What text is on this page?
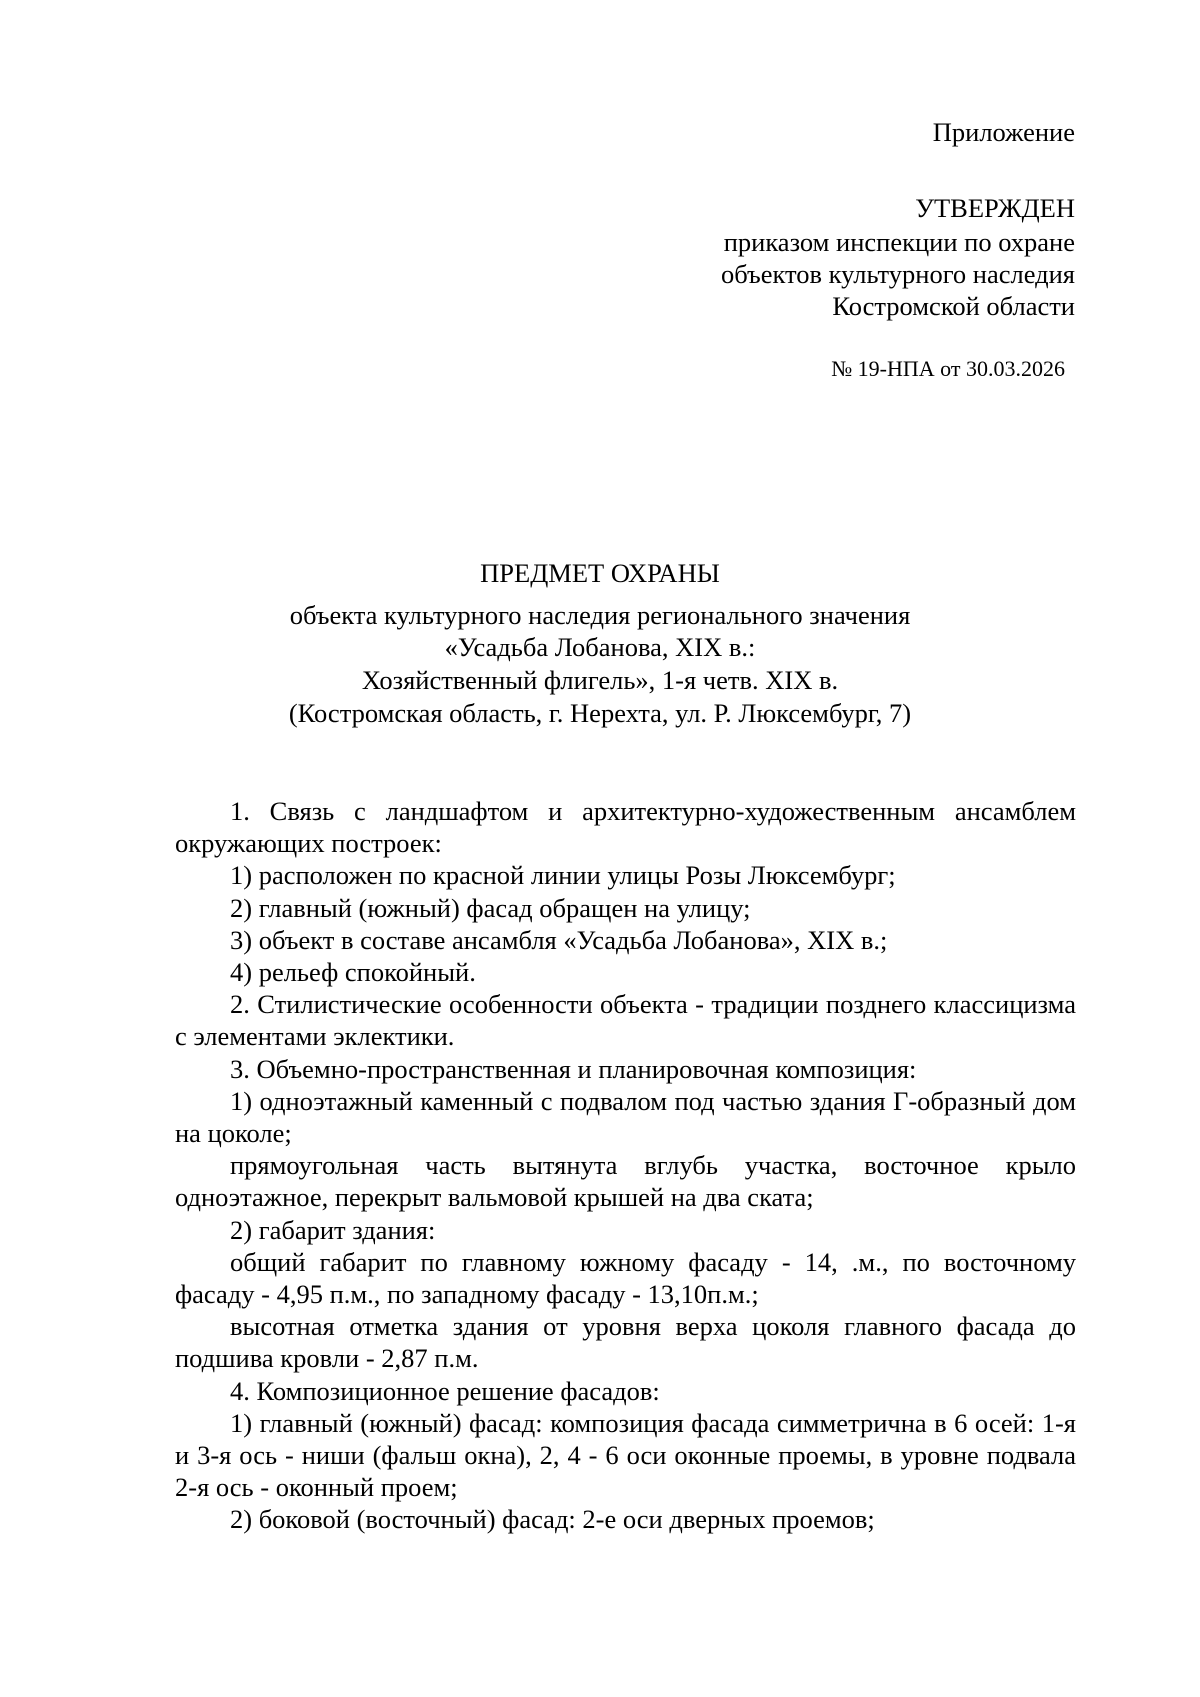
Приложение
УТВЕРЖДЕН
приказом инспекции по охране
объектов культурного наследия
Костромской области
№ 19-НПА от 30.03.2026
ПРЕДМЕТ ОХРАНЫ
объекта культурного наследия регионального значения
«Усадьба Лобанова, XIX в.:
Хозяйственный флигель», 1-я четв. XIX в.
(Костромская область, г. Нерехта, ул. Р. Люксембург, 7)

1. Связь с ландшафтом и архитектурно-художественным ансамблем окружающих построек:

1) расположен по красной линии улицы Розы Люксембург;

2) главный (южный) фасад обращен на улицу;

3) объект в составе ансамбля «Усадьба Лобанова», XIX в.;

4) рельеф спокойный.

2. Стилистические особенности объекта - традиции позднего классицизма с элементами эклектики.

3. Объемно-пространственная и планировочная композиция:

1) одноэтажный каменный с подвалом под частью здания Г-образный дом на цоколе;

прямоугольная часть вытянута вглубь участка, восточное крыло одноэтажное, перекрыт вальмовой крышей на два ската;

2) габарит здания:

общий габарит по главному южному фасаду - 14, .м., по восточному фасаду - 4,95 п.м., по западному фасаду - 13,10п.м.;

высотная отметка здания от уровня верха цоколя главного фасада до подшива кровли - 2,87 п.м.

4. Композиционное решение фасадов:

1) главный (южный) фасад: композиция фасада симметрична в 6 осей: 1-я и 3-я ось - ниши (фальш окна), 2, 4 - 6 оси оконные проемы, в уровне подвала 2-я ось - оконный проем;

2) боковой (восточный) фасад: 2-е оси дверных проемов;
